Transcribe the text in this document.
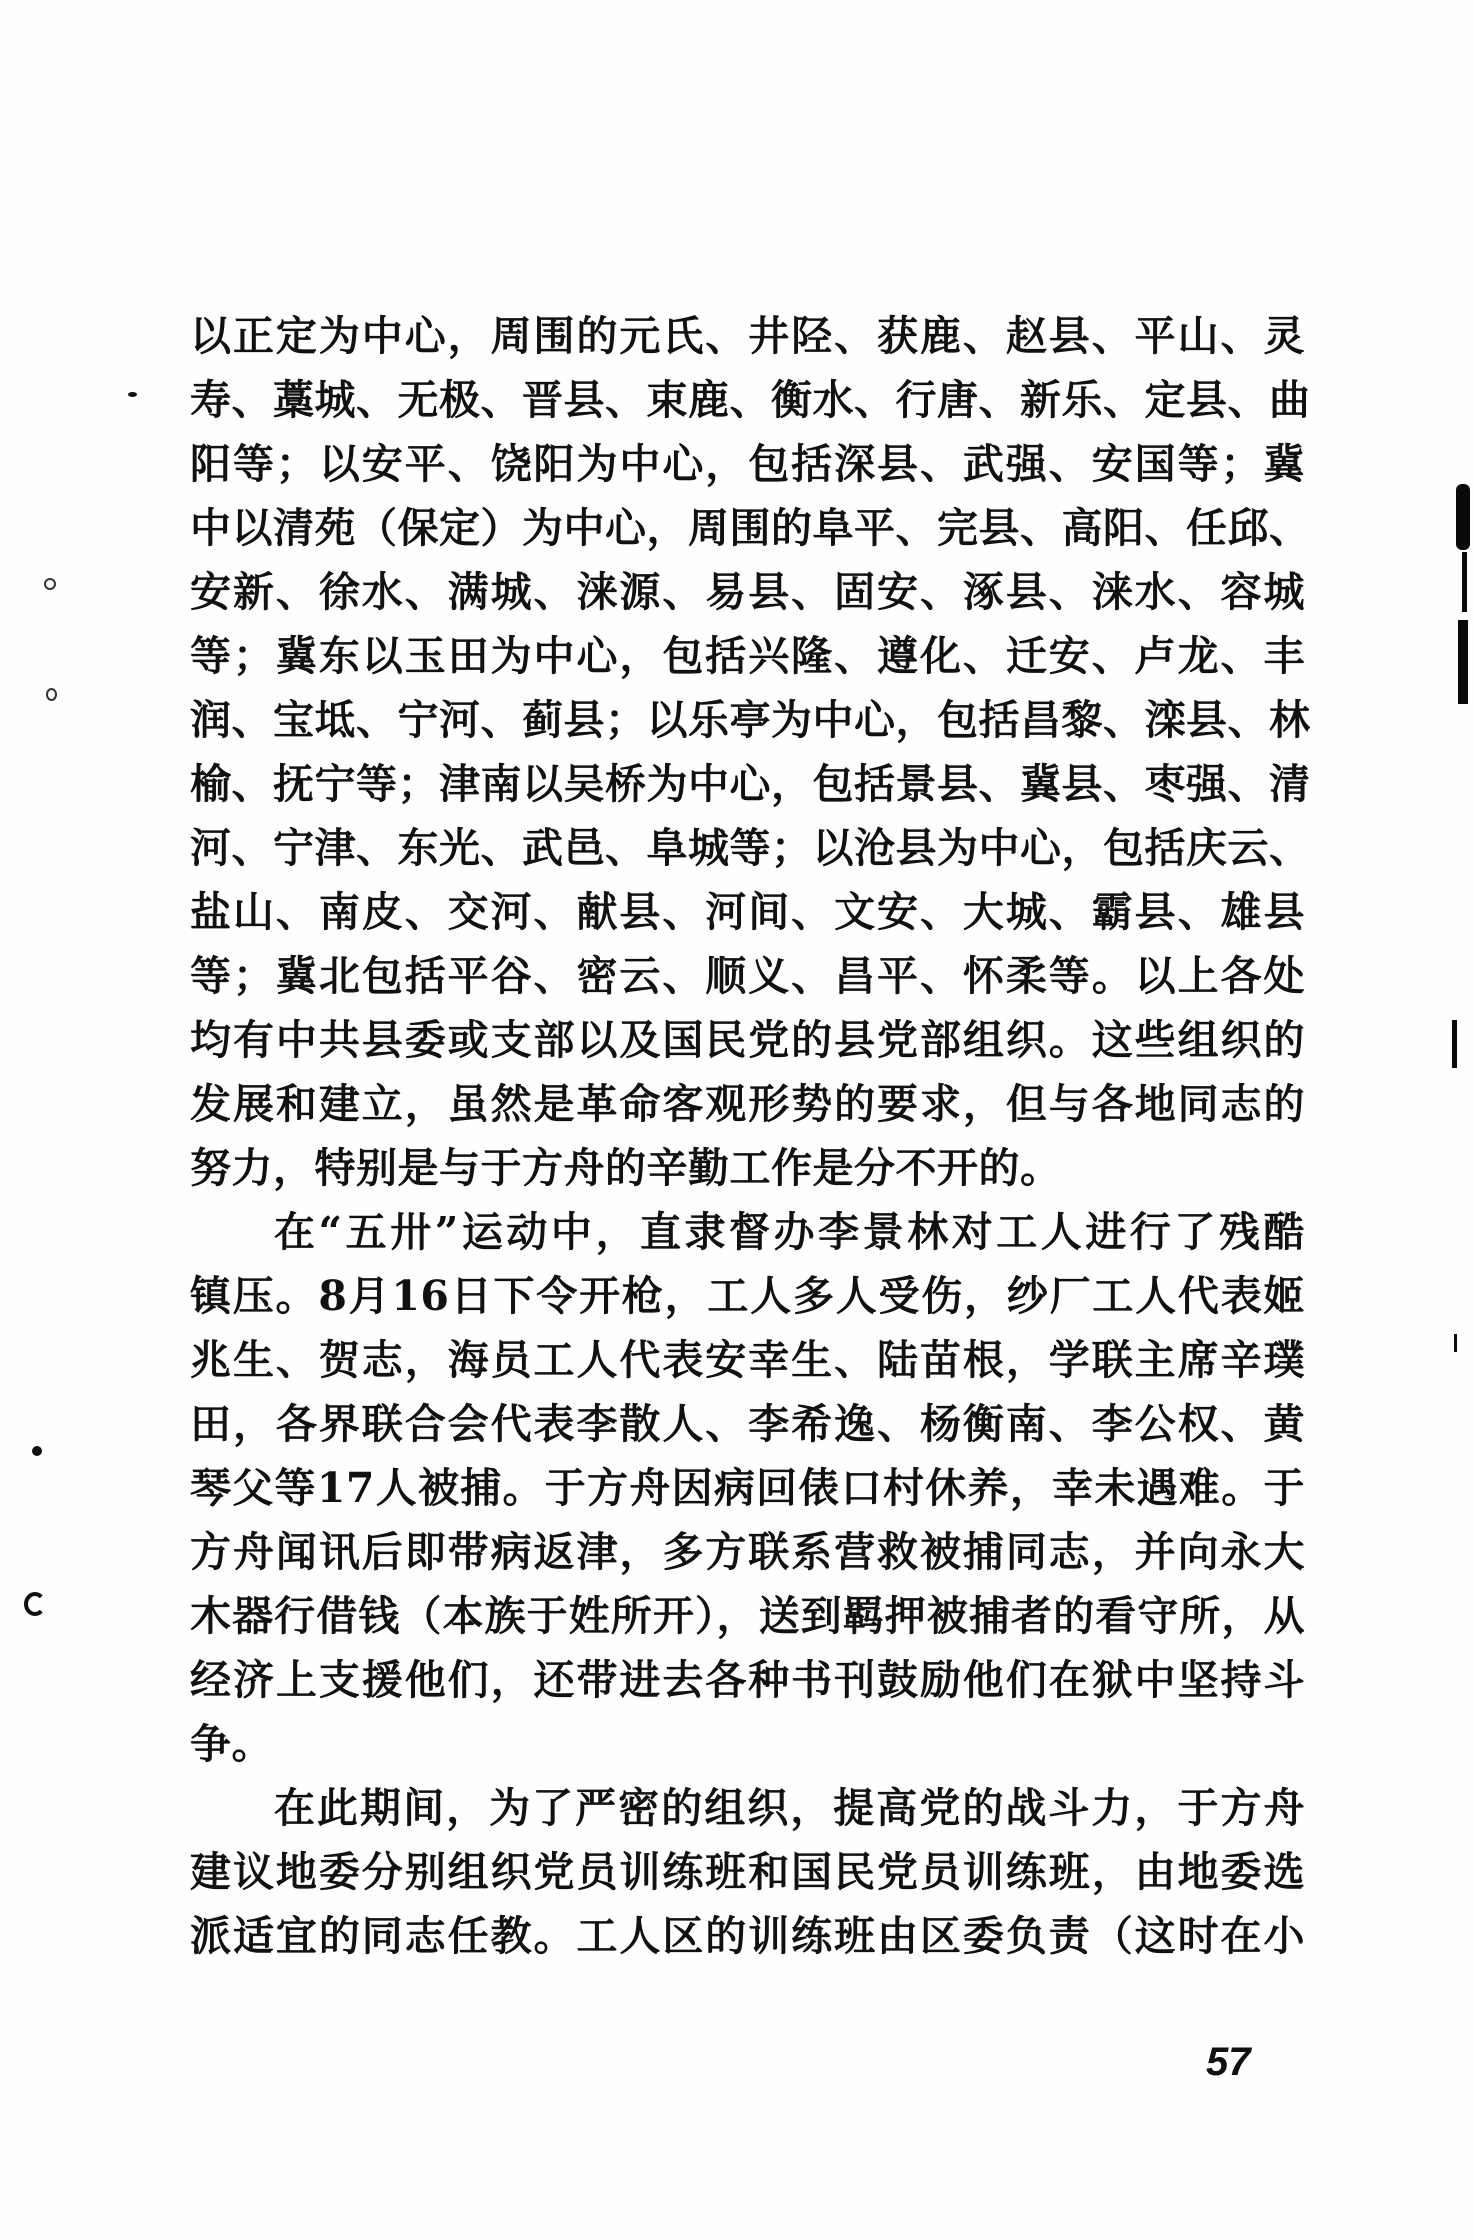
以正定为中心，周围的元氏、井陉、获鹿、赵县、平山、灵
寿、藁城、无极、晋县、束鹿、衡水、行唐、新乐、定县、曲
阳等；以安平、饶阳为中心，包括深县、武强、安国等；冀
中以清苑（保定）为中心，周围的阜平、完县、高阳、任邱、
安新、徐水、满城、涞源、易县、固安、涿县、涞水、容城
等；冀东以玉田为中心，包括兴隆、遵化、迁安、卢龙、丰
润、宝坻、宁河、蓟县；以乐亭为中心，包括昌黎、滦县、林
榆、抚宁等；津南以吴桥为中心，包括景县、冀县、枣强、清
河、宁津、东光、武邑、阜城等；以沧县为中心，包括庆云、
盐山、南皮、交河、献县、河间、文安、大城、霸县、雄县
等；冀北包括平谷、密云、顺义、昌平、怀柔等。以上各处
均有中共县委或支部以及国民党的县党部组织。这些组织的
发展和建立，虽然是革命客观形势的要求，但与各地同志的
努力，特别是与于方舟的辛勤工作是分不开的。
在“五卅”运动中，直隶督办李景林对工人进行了残酷
镇压。8月16日下令开枪，工人多人受伤，纱厂工人代表姬
兆生、贺志，海员工人代表安幸生、陆苗根，学联主席辛璞
田，各界联合会代表李散人、李希逸、杨衡南、李公权、黄
琴父等17人被捕。于方舟因病回俵口村休养，幸未遇难。于
方舟闻讯后即带病返津，多方联系营救被捕同志，并向永大
木器行借钱（本族于姓所开），送到羁押被捕者的看守所，从
经济上支援他们，还带进去各种书刊鼓励他们在狱中坚持斗
争。
在此期间，为了严密的组织，提高党的战斗力，于方舟
建议地委分别组织党员训练班和国民党员训练班，由地委选
派适宜的同志任教。工人区的训练班由区委负责（这时在小
57
